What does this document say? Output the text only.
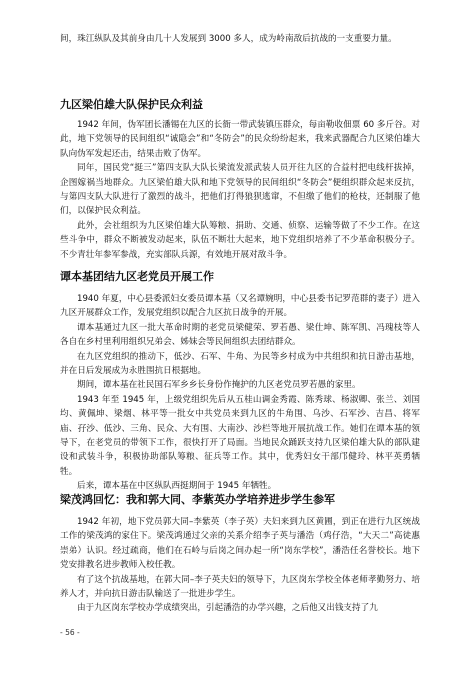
间，珠江纵队及其前身由几十人发展到 3000 多人，成为岭南敌后抗战的一支重要力量。

九区梁伯雄大队保护民众利益

1942 年间，伪军团长潘锡在九区的长衙一带武装镇压群众，每亩勒收佃票 60 多斤谷。对此，地下党领导的民间组织“诚隐会”和“冬防会”的民众纷纷起来，我来武器配合九区梁伯雄大队向伪军发起还击，结果击败了伪军。

同年，国民党“挺三”第四支队大队长梁流发派武装人员开往九区的合益村把电线杆拔掉，企图嫁祸当地群众。九区梁伯雄大队和地下党领导的民间组织“冬防会”便组织群众起来反抗，与第四支队大队进行了激烈的战斗，把他们打得狼狈逃窜，不但缴了他们的枪枝，还制服了他们，以保护民众利益。

此外，会社组织为九区梁伯雄大队筹粮、捐助、交通、侦察、运输等做了不少工作。在这些斗争中，群众不断被发动起来，队伍不断壮大起来，地下党组织培养了不少革命积极分子。不少青壮年参军参战，充实部队兵源，有效地开展对敌斗争。

谭本基团结九区老党员开展工作

1940 年夏，中心县委派妇女委员谭本基（又名谭婉明，中心县委书记罗范群的妻子）进入九区开展群众工作，发展党组织以配合九区抗日战争的开展。

谭本基通过九区一批大革命时期的老党员梁健荣、罗若愚、梁仕坤、陈军凯、冯瑰枝等人各自在乡村里利用组织兄弟会、姊妹会等民间组织去团结群众。

在九区党组织的推动下，低沙、石军、牛角、为民等乡村成为中共组织和抗日游击基地，并在日后发展成为永胜围抗日根据地。

期间，谭本基在社民国石军乡乡长身份作掩护的九区老党员罗若愚的家里。

1943 年至 1945 年，上级党组织先后从五桂山调金秀霞、陈秀球、杨淑卿、张兰、刘国均、黄佩坤、梁烟、林平等一批女中共党员来到九区的牛角围、乌沙、石军沙、吉昌、将军庙、孖沙、低沙、三角、民众、大有围、大南沙、沙栏等地开展抗战工作。她们在谭本基的领导下，在老党员的带领下工作，很快打开了局面。当地民众踊跃支持九区梁伯雄大队的部队建设和武装斗争，积极协助部队筹粮、征兵等工作。其中，优秀妇女干部邝健玲、林平英勇牺牲。

后来，谭本基在中区纵队西挺期间于 1945 年牺牲。

梁茂鸿回忆：我和郭大同、李紫英办学培养进步学生参军

1942 年初，地下党员郭大同–李紫英（李子英）夫妇来到九区黄圃，到正在进行九区统战工作的梁茂鸿的家住下。梁茂鸿通过父亲的关系介绍李子英与潘浩（鸡仔浩，“大天二”高徒惠崇弟）认识。经过疏商，他们在石岭与后岗之间办起一所“岗东学校”，潘浩任名誉校长。地下党安排教名进步教师入校任教。

有了这个抗战基地，在郭大同–李子英夫妇的领导下，九区岗东学校全体老师孝勤努力、培养人才，并向抗日游击队输送了一批进步学生。

由于九区岗东学校办学成绩突出，引起潘浩的办学兴趣，之后他又出钱支持了九

- 56 -
